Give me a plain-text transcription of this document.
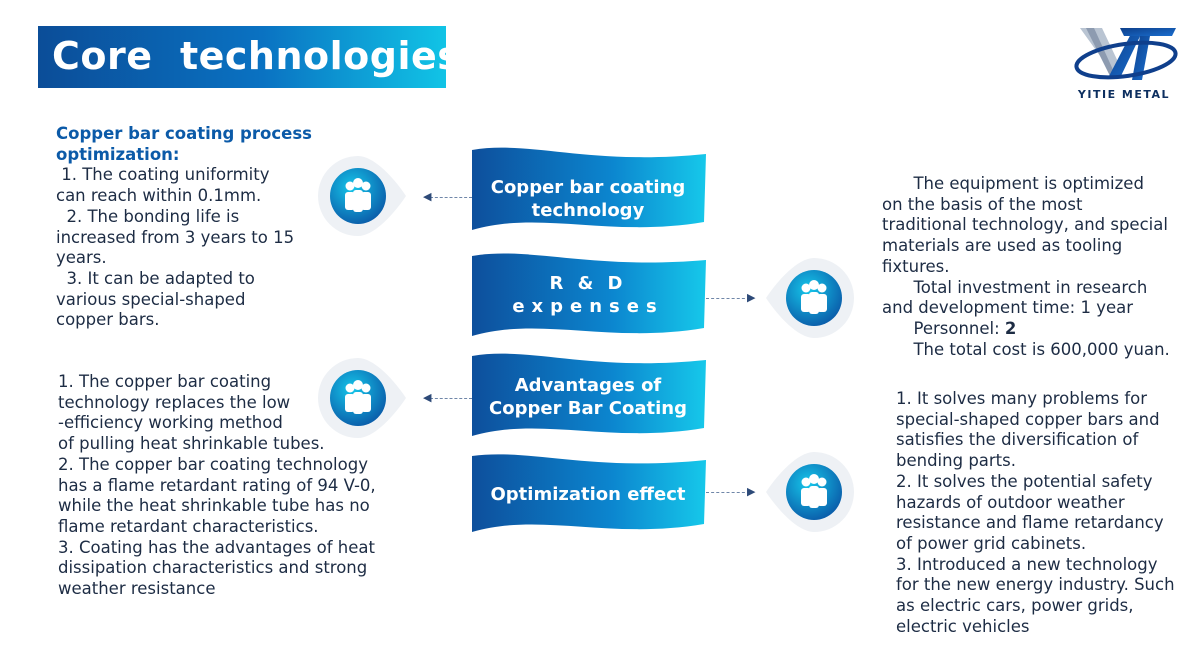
Core  technologies
YITIE METAL
Copper bar coating process
optimization:
1. The coating uniformity
can reach within 0.1mm.
2. The bonding life is
increased from 3 years to 15
years.
3. It can be adapted to
various special-shaped
copper bars.
1. The copper bar coating
technology replaces the low
-efficiency working method
of pulling heat shrinkable tubes.
2. The copper bar coating technology
has a flame retardant rating of 94 V-0,
while the heat shrinkable tube has no
flame retardant characteristics.
3. Coating has the advantages of heat
dissipation characteristics and strong
weather resistance
The equipment is optimized
on the basis of the most
traditional technology, and special
materials are used as tooling
fixtures.
Total investment in research
and development time: 1 year
Personnel: 2
The total cost is 600,000 yuan.
1. It solves many problems for
special-shaped copper bars and
satisfies the diversification of
bending parts.
2. It solves the potential safety
hazards of outdoor weather
resistance and flame retardancy
of power grid cabinets.
3. Introduced a new technology
for the new energy industry. Such
as electric cars, power grids,
electric vehicles
Copper bar coating
technology
R & D
expenses
Advantages of
Copper Bar Coating
Optimization effect
◀
◀
▶
▶
